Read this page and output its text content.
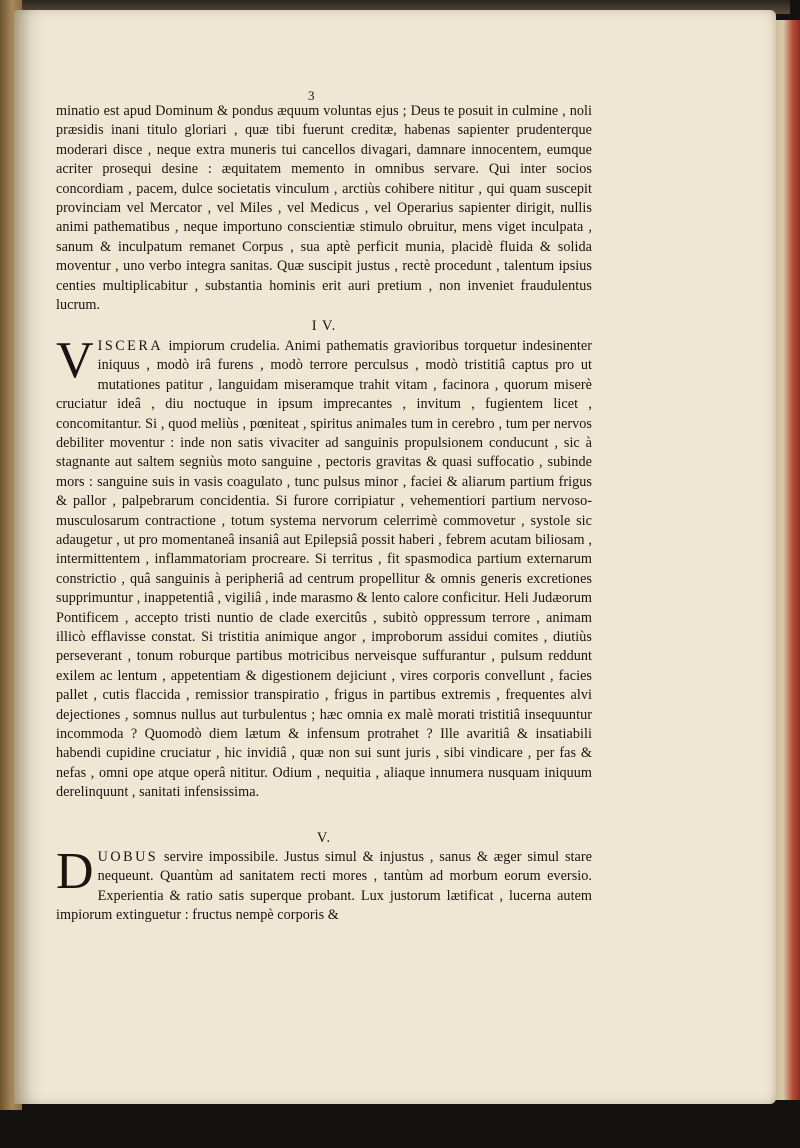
3

minatio est apud Dominum & pondus æquum voluntas ejus ; Deus te posuit in culmine , noli præsidis inani titulo gloriari , quæ tibi fuerunt creditæ, habenas sapienter prudenterque moderari disce , neque extra muneris tui cancellos divagari, damnare innocentem, eumque acriter prosequi desine : æquitatem memento in omnibus servare. Qui inter socios concordiam , pacem, dulce societatis vinculum , arctiùs cohibere nititur , qui quam suscepit provinciam vel Mercator , vel Miles , vel Medicus , vel Operarius sapienter dirigit, nullis animi pathematibus , neque importuno conscientiæ stimulo obruitur, mens viget inculpata , sanum & inculpatum remanet Corpus , sua aptè perficit munia, placidè fluida & solida moventur , uno verbo integra sanitas. Quæ suscipit justus , rectè procedunt , talentum ipsius centies multiplicabitur , substantia hominis erit auri pretium , non inveniet fraudulentus lucrum.

I V.

VISCERA impiorum crudelia. Animi pathematis gravioribus torquetur indesinenter iniquus , modò irâ furens , modò terrore perculsus , modò tristitiâ captus pro ut mutationes patitur , languidam miseramque trahit vitam , facinora , quorum miserè cruciatur ideâ , diu noctuque in ipsum imprecantes , invitum , fugientem licet , concomitantur. Si , quod meliùs , pœniteat , spiritus animales tum in cerebro , tum per nervos debiliter moventur : inde non satis vivaciter ad sanguinis propulsionem conducunt , sic à stagnante aut saltem segniùs moto sanguine , pectoris gravitas & quasi suffocatio , subinde mors : sanguine suis in vasis coagulato , tunc pulsus minor , faciei & aliarum partium frigus & pallor , palpebrarum concidentia. Si furore corripiatur , vehementiori partium nervoso-musculosarum contractione , totum systema nervorum celerrimè commovetur , systole sic adaugetur , ut pro momentaneâ insaniâ aut Epilepsiâ possit haberi , febrem acutam biliosam , intermittentem , inflammatoriam procreare. Si territus , fit spasmodica partium externarum constrictio , quâ sanguinis à peripheriâ ad centrum propellitur & omnis generis excretiones supprimuntur , inappetentiâ , vigiliâ , inde marasmo & lento calore conficitur. Heli Judæorum Pontificem , accepto tristi nuntio de clade exercitûs , subitò oppressum terrore , animam illicò efflavisse constat. Si tristitia animique angor , improborum assidui comites , diutiùs perseverant , tonum roburque partibus motricibus nerveisque suffurantur , pulsum reddunt exilem ac lentum , appetentiam & digestionem dejiciunt , vires corporis convellunt , facies pallet , cutis flaccida , remissior transpiratio , frigus in partibus extremis , frequentes alvi dejectiones , somnus nullus aut turbulentus ; hæc omnia ex malè morati tristitiâ insequuntur incommoda ? Quomodò diem lætum & infensum protrahet ? Ille avaritiâ & insatiabili habendi cupidine cruciatur , hic invidiâ , quæ non sui sunt juris , sibi vindicare , per fas & nefas , omni ope atque operâ nititur. Odium , nequitia , aliaque innumera nusquam iniquum derelinquunt , sanitati infensissima.

V.

DUOBUS servire impossibile. Justus simul & injustus , sanus & æger simul stare nequeunt. Quantùm ad sanitatem recti mores , tantùm ad morbum eorum eversio. Experientia & ratio satis superque probant. Lux justorum lætificat , lucerna autem impiorum extinguetur : fructus nempè corporis &
